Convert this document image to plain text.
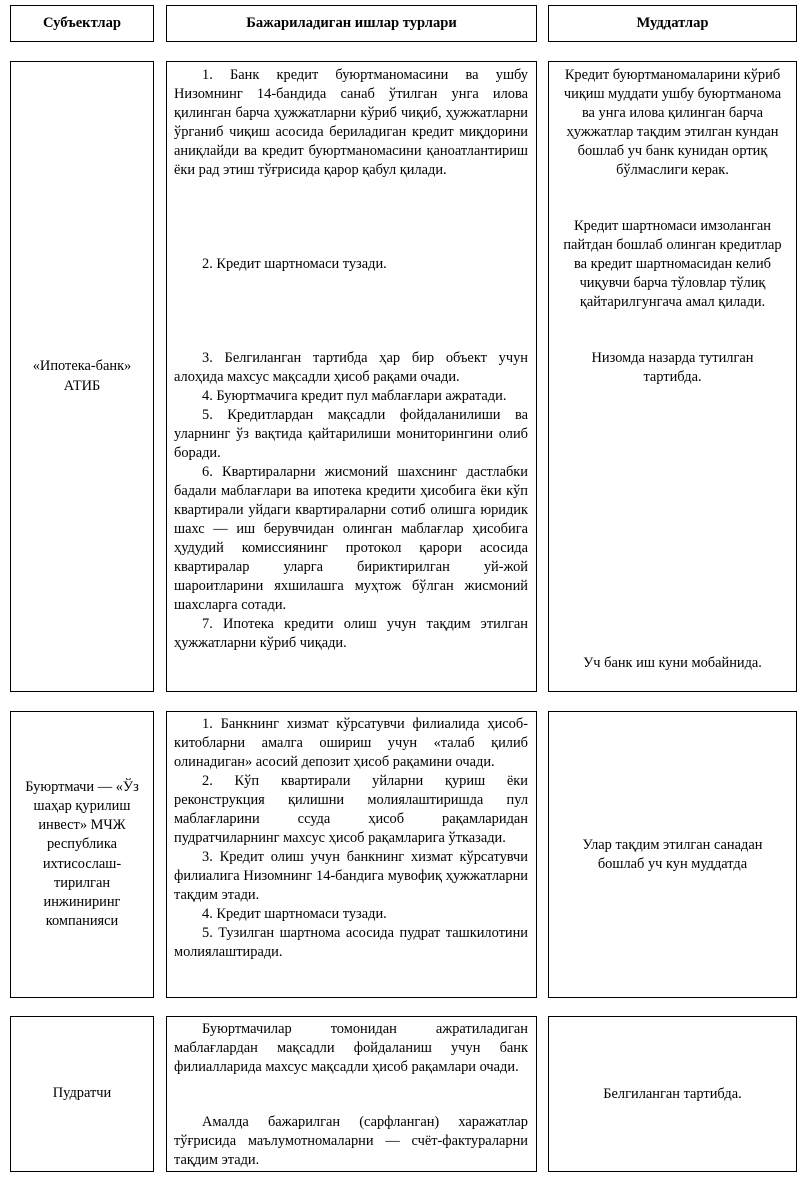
Субъектлар	Бажариладиган ишлар турлари	Муддатлар
«Ипотека-банк» АТИБ

1. Банк кредит буюртманомасини ва ушбу Низомнинг 14-бандида санаб ўтилган унга илова қилинган барча ҳужжатларни кўриб чиқиб, ҳужжатларни ўрганиб чиқиш асосида бериладиган кредит миқдорини аниқлайди ва кредит буюртманомасини қаноатлантириш ёки рад этиш тўғрисида қарор қабул қилади.

2. Кредит шартномаси тузади.

3. Белгиланган тартибда ҳар бир объект учун алоҳида махсус мақсадли ҳисоб рақами очади.

4. Буюртмачига кредит пул маблағлари ажратади.

5. Кредитлардан мақсадли фойдаланилиши ва уларнинг ўз вақтида қайтарилиши мониторингини олиб боради.

6. Квартираларни жисмоний шахснинг дастлабки бадали маблағлари ва ипотека кредити ҳисобига ёки кўп квартирали уйдаги квартираларни сотиб олишга юридик шахс — иш берувчидан олинган маблағлар ҳисобига ҳудудий комиссиянинг протокол қарори асосида квартиралар уларга бириктирилган уй-жой шароитларини яхшилашга муҳтож бўлган жисмоний шахсларга сотади.

7. Ипотека кредити олиш учун тақдим этилган ҳужжатларни кўриб чиқади.

Кредит буюртманомаларини кўриб чиқиш муддати ушбу буюртманома ва унга илова қилинган барча ҳужжатлар тақдим этилган кундан бошлаб уч банк кунидан ортиқ бўлмаслиги керак.
Кредит шартномаси имзоланган пайтдан бошлаб олинган кредитлар ва кредит шартномасидан келиб чиқувчи барча тўловлар тўлиқ қайтарилгунгача амал қилади.
Низомда назарда тутилган тартибда.
Уч банк иш куни мобайнида.
Буюртмачи — «Ўз шаҳар қурилиш инвест» МЧЖ республика ихтисослаш-тирилган инжиниринг компанияси

1. Банкнинг хизмат кўрсатувчи филиалида ҳисоб-китобларни амалга ошириш учун «талаб қилиб олинадиган» асосий депозит ҳисоб рақамини очади.

2. Кўп квартирали уйларни қуриш ёки реконструкция қилишни молиялаштиришда пул маблағларини ссуда ҳисоб рақамларидан пудратчиларнинг махсус ҳисоб рақамларига ўтказади.

3. Кредит олиш учун банкнинг хизмат кўрсатувчи филиалига Низомнинг 14-бандига мувофиқ ҳужжатларни тақдим этади.

4. Кредит шартномаси тузади.

5. Тузилган шартнома асосида пудрат ташкилотини молиялаштиради.

Улар тақдим этилган санадан бошлаб уч кун муддатда
Пудратчи

Буюртмачилар томонидан ажратиладиган маблағлардан мақсадли фойдаланиш учун банк филиалларида махсус мақсадли ҳисоб рақамлари очади.

Амалда бажарилган (сарфланган) харажатлар тўғрисида маълумотномаларни — счёт-фактураларни тақдим этади.

Белгиланган тартибда.
